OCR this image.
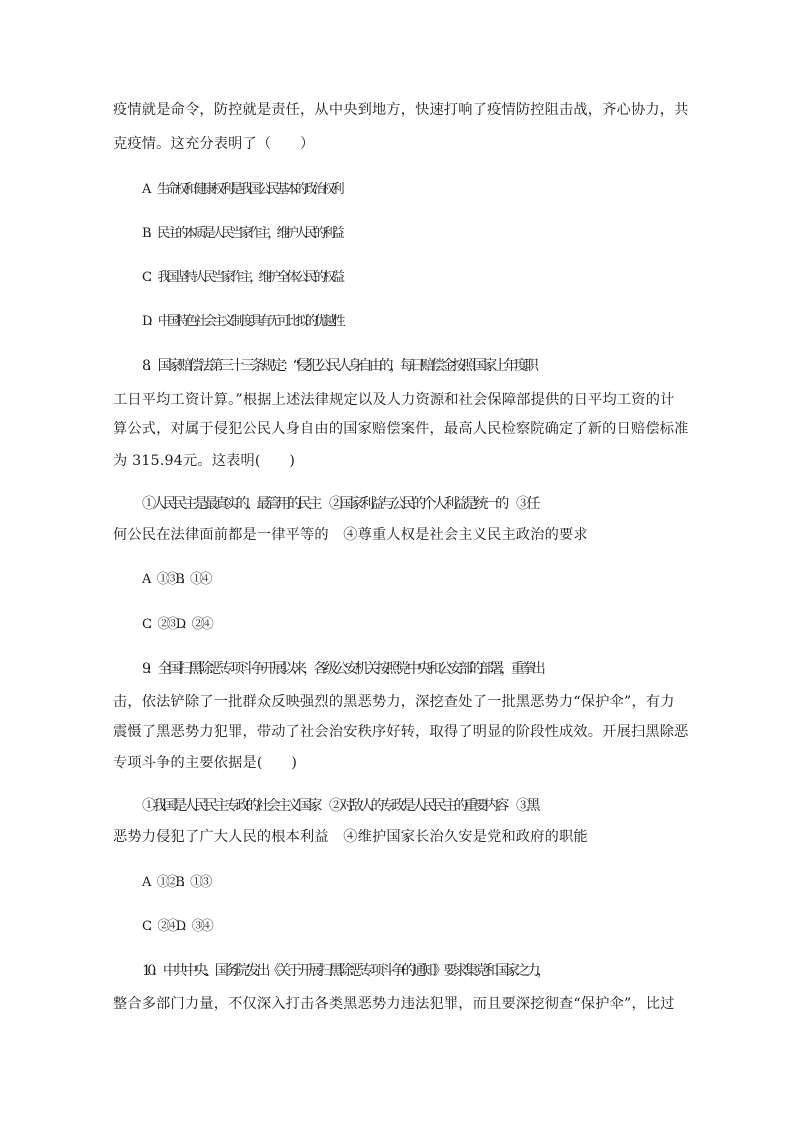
疫情就是命令，防控就是责任，从中央到地方，快速打响了疫情防控阻击战，齐心协力，共
克疫情。这充分表明了（　　）
A．生命权和健康权利是我国公民基本的政治权利
B．民主的本质是人民当家作主，维护人民的利益
C．我国坚持人民当家作主，维护全体公民的权益
D．中国特色社会主义制度具有无可比拟的优越性
8．国家赔偿法第三十三条规定：“侵犯公民人身自由的，每日赔偿金按照国家上年度职
工日平均工资计算。”根据上述法律规定以及人力资源和社会保障部提供的日平均工资的计
算公式，对属于侵犯公民人身自由的国家赔偿案件，最高人民检察院确定了新的日赔偿标准
为 315.94元。这表明(　　)
①人民民主是最真实的、最管用的民主　②国家利益与公民的个人利益是统一的　③任
何公民在法律面前都是一律平等的　④尊重人权是社会主义民主政治的要求
A．①③B．①④
C．②③D．②④
9．全国扫黑除恶专项斗争开展以来，各级公安机关按照党中央和公安部的部署，重拳出
击，依法铲除了一批群众反映强烈的黑恶势力，深挖查处了一批黑恶势力“保护伞”，有力
震慑了黑恶势力犯罪，带动了社会治安秩序好转，取得了明显的阶段性成效。开展扫黑除恶
专项斗争的主要依据是(　　)
①我国是人民民主专政的社会主义国家　②对敌人的专政是人民民主的重要内容　③黑
恶势力侵犯了广大人民的根本利益　④维护国家长治久安是党和政府的职能
A．①②B．①③
C．②④D．③④
10．中共中央、国务院发出《关于开展扫黑除恶专项斗争的通知》要求集党和国家之力，
整合多部门力量，不仅深入打击各类黑恶势力违法犯罪，而且要深挖彻查“保护伞”，比过
